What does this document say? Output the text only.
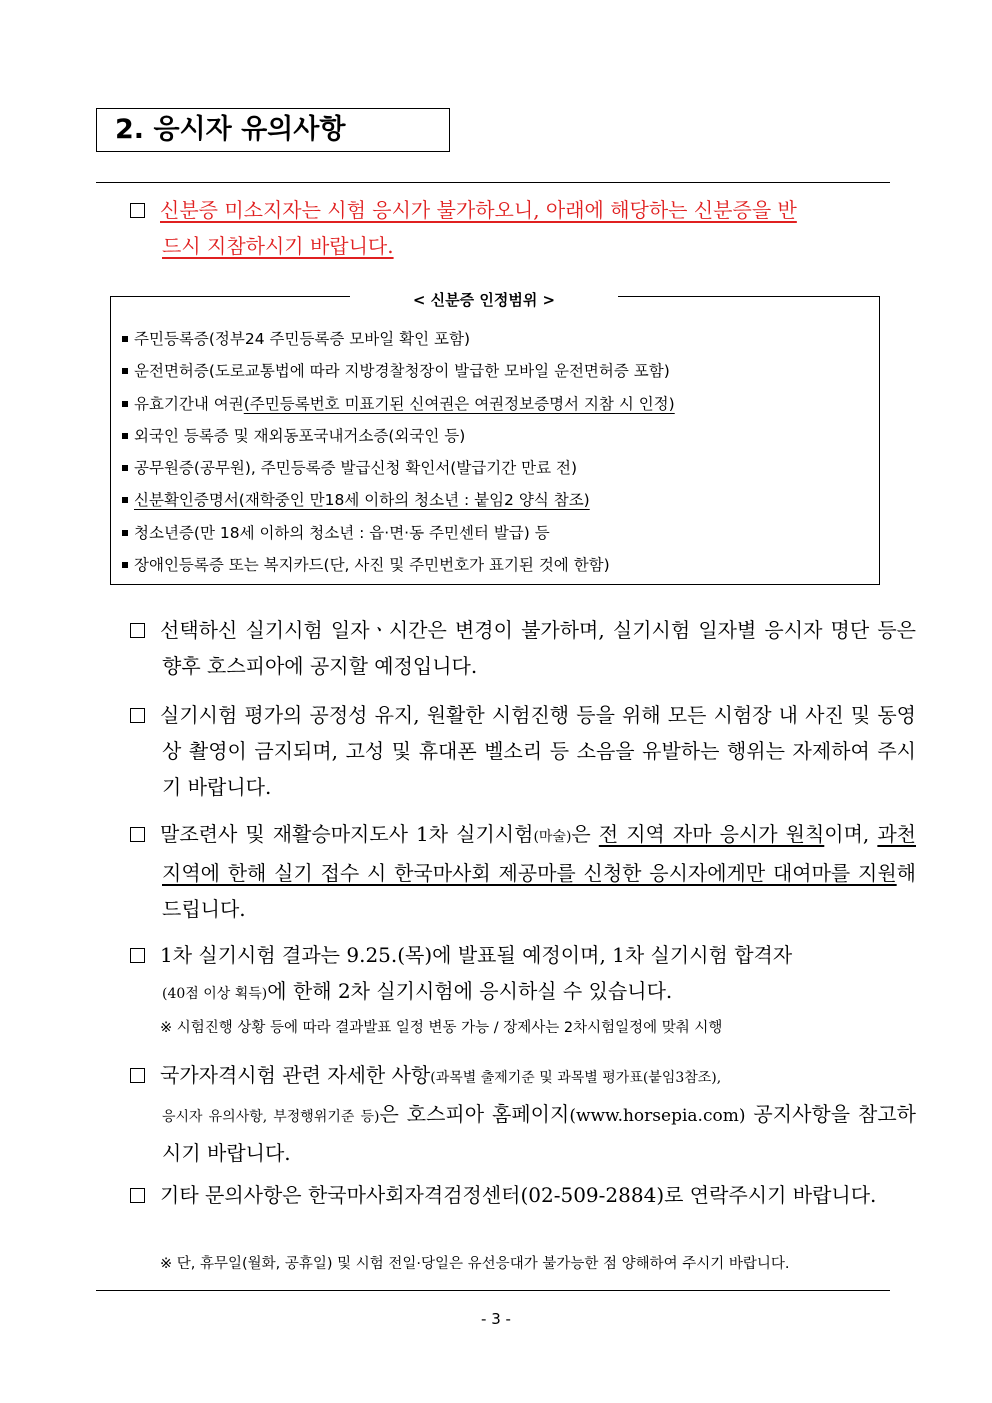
2. 응시자 유의사항
신분증 미소지자는 시험 응시가 불가하오니, 아래에 해당하는 신분증을 반
드시 지참하시기 바랍니다.
< 신분증 인정범위 >
주민등록증(정부24 주민등록증 모바일 확인 포함)
운전면허증(도로교통법에 따라 지방경찰청장이 발급한 모바일 운전면허증 포함)
유효기간내 여권(주민등록번호 미표기된 신여권은 여권정보증명서 지참 시 인정)
외국인 등록증 및 재외동포국내거소증(외국인 등)
공무원증(공무원), 주민등록증 발급신청 확인서(발급기간 만료 전)
신분확인증명서(재학중인 만18세 이하의 청소년 : 붙임2 양식 참조)
청소년증(만 18세 이하의 청소년 : 읍·면·동 주민센터 발급) 등
장애인등록증 또는 복지카드(단, 사진 및 주민번호가 표기된 것에 한함)
선택하신 실기시험 일자ㆍ시간은 변경이 불가하며, 실기시험 일자별 응시자 명단 등은 향후 호스피아에 공지할 예정입니다.
실기시험 평가의 공정성 유지, 원활한 시험진행 등을 위해 모든 시험장 내 사진 및 동영상 촬영이 금지되며, 고성 및 휴대폰 벨소리 등 소음을 유발하는 행위는 자제하여 주시기 바랍니다.
말조련사 및 재활승마지도사 1차 실기시험(마술)은 전 지역 자마 응시가 원칙이며, 과천지역에 한해 실기 접수 시 한국마사회 제공마를 신청한 응시자에게만 대여마를 지원해 드립니다.
1차 실기시험 결과는 9.25.(목)에 발표될 예정이며, 1차 실기시험 합격자
(40점 이상 획득)에 한해 2차 실기시험에 응시하실 수 있습니다.
※ 시험진행 상황 등에 따라 결과발표 일정 변동 가능 / 장제사는 2차시험일정에 맞춰 시행
국가자격시험 관련 자세한 사항(과목별 출제기준 및 과목별 평가표(붙임3참조),
응시자 유의사항, 부정행위기준 등)은 호스피아 홈페이지(www.horsepia.com) 공지사항을 참고하시기 바랍니다.
기타 문의사항은 한국마사회자격검정센터(02-509-2884)로 연락주시기 바랍니다.
※ 단, 휴무일(월화, 공휴일) 및 시험 전일·당일은 유선응대가 불가능한 점 양해하여 주시기 바랍니다.
- 3 -
